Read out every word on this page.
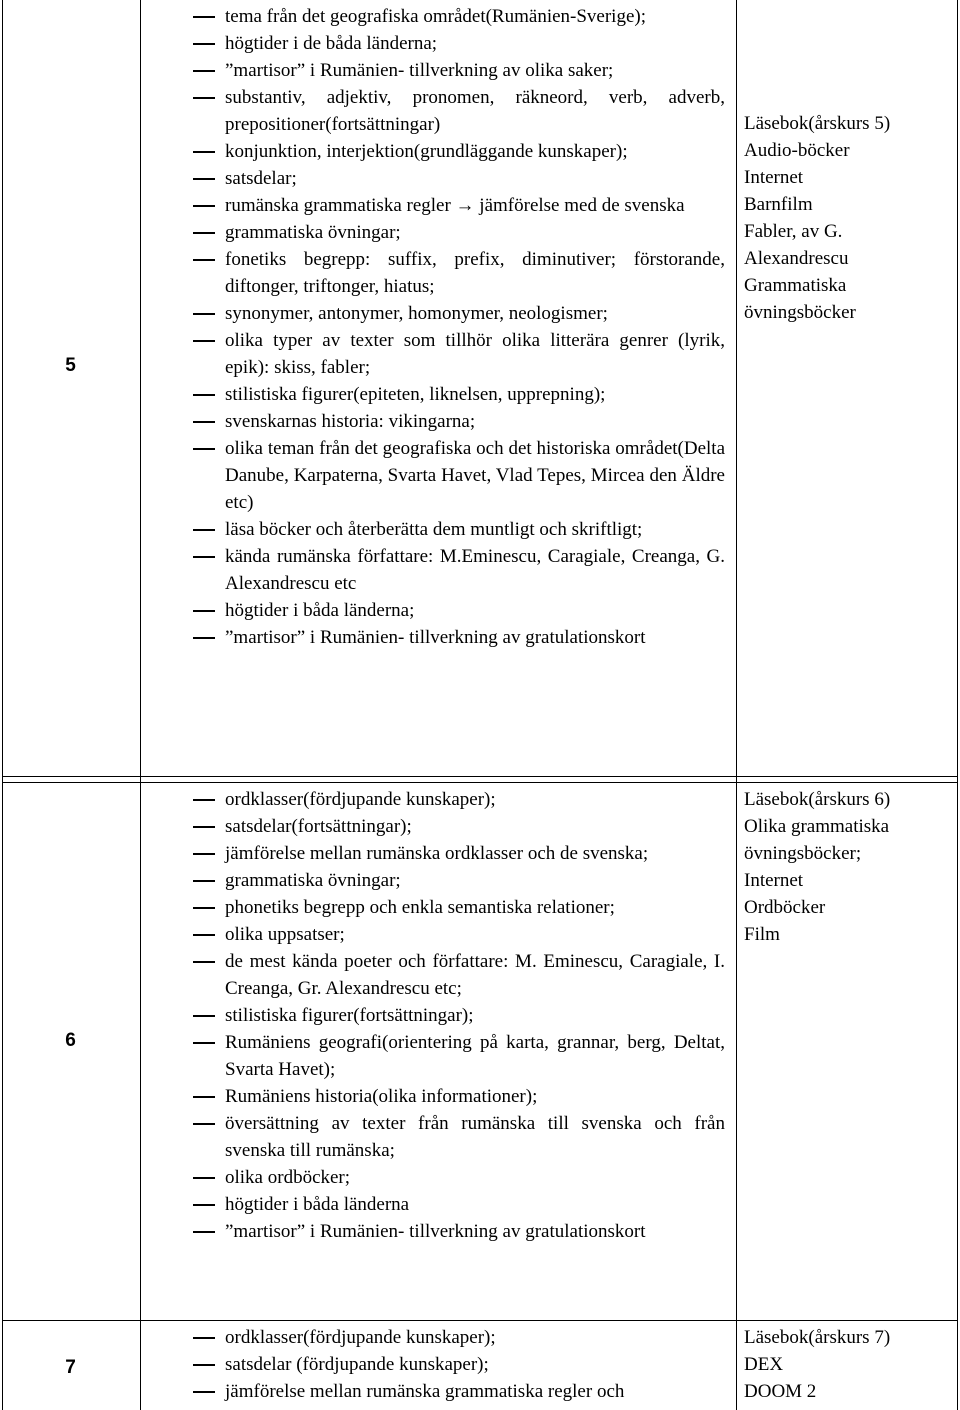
5
tema från det geografiska området(Rumänien-Sverige);
högtider i de båda länderna;
”martisor” i Rumänien- tillverkning av olika saker;
substantiv, adjektiv, pronomen, räkneord, verb, adverb, prepositioner(fortsättningar)
konjunktion, interjektion(grundläggande kunskaper);
satsdelar;
rumänska grammatiska regler → jämförelse med de svenska
grammatiska övningar;
fonetiks begrepp: suffix, prefix, diminutiver; förstorande, diftonger, triftonger, hiatus;
synonymer, antonymer, homonymer, neologismer;
olika typer av texter som tillhör olika litterära genrer (lyrik, epik): skiss, fabler;
stilistiska figurer(epiteten, liknelsen, upprepning);
svenskarnas historia: vikingarna;
olika teman från det geografiska och det historiska området(Delta Danube, Karpaterna, Svarta Havet, Vlad Tepes, Mircea den Äldre etc)
läsa böcker och återberätta dem muntligt och skriftligt;
kända rumänska författare: M.Eminescu, Caragiale, Creanga, G. Alexandrescu etc
högtider i båda länderna;
”martisor” i Rumänien- tillverkning av gratulationskort
Läsebok(årskurs 5)
Audio-böcker
Internet
Barnfilm
Fabler, av G.
Alexandrescu
Grammatiska
övningsböcker
6
ordklasser(fördjupande kunskaper);
satsdelar(fortsättningar);
jämförelse mellan rumänska ordklasser och de svenska;
grammatiska övningar;
phonetiks begrepp och enkla semantiska relationer;
olika uppsatser;
de mest kända poeter och författare: M. Eminescu, Caragiale, I. Creanga, Gr. Alexandrescu etc;
stilistiska figurer(fortsättningar);
Rumäniens geografi(orientering på karta, grannar, berg, Deltat, Svarta Havet);
Rumäniens historia(olika informationer);
översättning av texter från rumänska till svenska och från svenska till rumänska;
olika ordböcker;
högtider i båda länderna
”martisor” i Rumänien- tillverkning av gratulationskort
Läsebok(årskurs 6)
Olika grammatiska
övningsböcker;
Internet
Ordböcker
Film
7
ordklasser(fördjupande kunskaper);
satsdelar (fördjupande kunskaper);
jämförelse mellan rumänska grammatiska regler och
Läsebok(årskurs 7)
DEX
DOOM 2
